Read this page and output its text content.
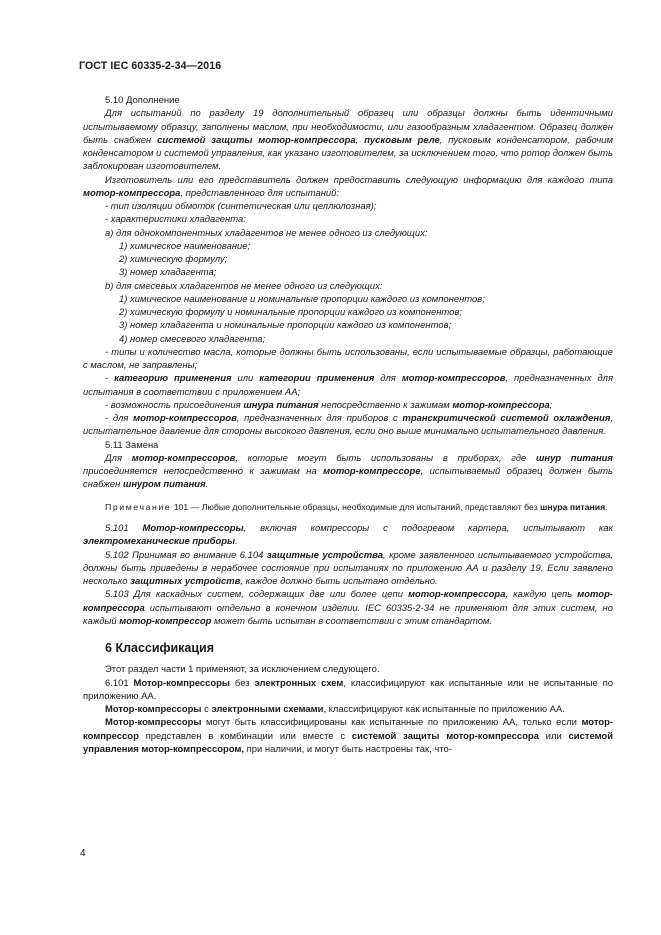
ГОСТ IEC 60335-2-34—2016

5.10 Дополнение

Для испытаний по разделу 19 дополнительный образец или образцы должны быть идентичными испытываемому образцу, заполнены маслом, при необходимости, или газообразным хладагентом. Образец должен быть снабжен системой защиты мотор-компрессора, пусковым реле, пусковым конденсатором, рабочим конденсатором и системой управления, как указано изготовителем, за исключением того, что ротор должен быть заблокирован изготовителем.

Изготовитель или его представитель должен предоставить следующую информацию для каждого типа мотор-компрессора, представленного для испытаний:

- тип изоляции обмоток (синтетическая или целлюлозная);

- характеристики хладагента:

a) для однокомпонентных хладагентов не менее одного из следующих:

1) химическое наименование;

2) химическую формулу;

3) номер хладагента;

b) для смесевых хладагентов не менее одного из следующих:

1) химическое наименование и номинальные пропорции каждого из компонентов;

2) химическую формулу и номинальные пропорции каждого из компонентов;

3) номер хладагента и номинальные пропорции каждого из компонентов;

4) номер смесевого хладагента;

- типы и количество масла, которые должны быть использованы, если испытываемые образцы, работающие с маслом, не заправлены;

- категорию применения или категории применения для мотор-компрессоров, предназначенных для испытания в соответствии с приложением АА;

- возможность присоединения шнура питания непосредственно к зажимам мотор-компрессора;

- для мотор-компрессоров, предназначенных для приборов с транскритической системой охлаждения, испытательное давление для стороны высокого давления, если оно выше минимально испытательного давления.

5.11 Замена

Для мотор-компрессоров, которые могут быть использованы в приборах, где шнур питания присоединяется непосредственно к зажимам на мотор-компрессоре, испытываемый образец должен быть снабжен шнуром питания.

Примечание 101 — Любые дополнительные образцы, необходимые для испытаний, представляют без шнура питания.

5.101 Мотор-компрессоры, включая компрессоры с подогревом картера, испытывают как электромеханические приборы.

5.102 Принимая во внимание 6.104 защитные устройства, кроме заявленного испытываемого устройства, должны быть приведены в нерабочее состояние при испытаниях по приложению АА и разделу 19. Если заявлено несколько защитных устройств, каждое должно быть испытано отдельно.

5.103 Для каскадных систем, содержащих две или более цепи мотор-компрессора, каждую цепь мотор-компрессора испытывают отдельно в конечном изделии. IEC 60335-2-34 не применяют для этих систем, но каждый мотор-компрессор может быть испытан в соответствии с этим стандартом.

6 Классификация

Этот раздел части 1 применяют, за исключением следующего.

6.101 Мотор-компрессоры без электронных схем, классифицируют как испытанные или не испытанные по приложению АА.

Мотор-компрессоры с электронными схемами, классифицируют как испытанные по приложению АА.

Мотор-компрессоры могут быть классифицированы как испытанные по приложению АА, только если мотор-компрессор представлен в комбинации или вместе с системой защиты мотор-компрессора или системой управления мотор-компрессором, при наличии, и могут быть настроены так, что-

4
